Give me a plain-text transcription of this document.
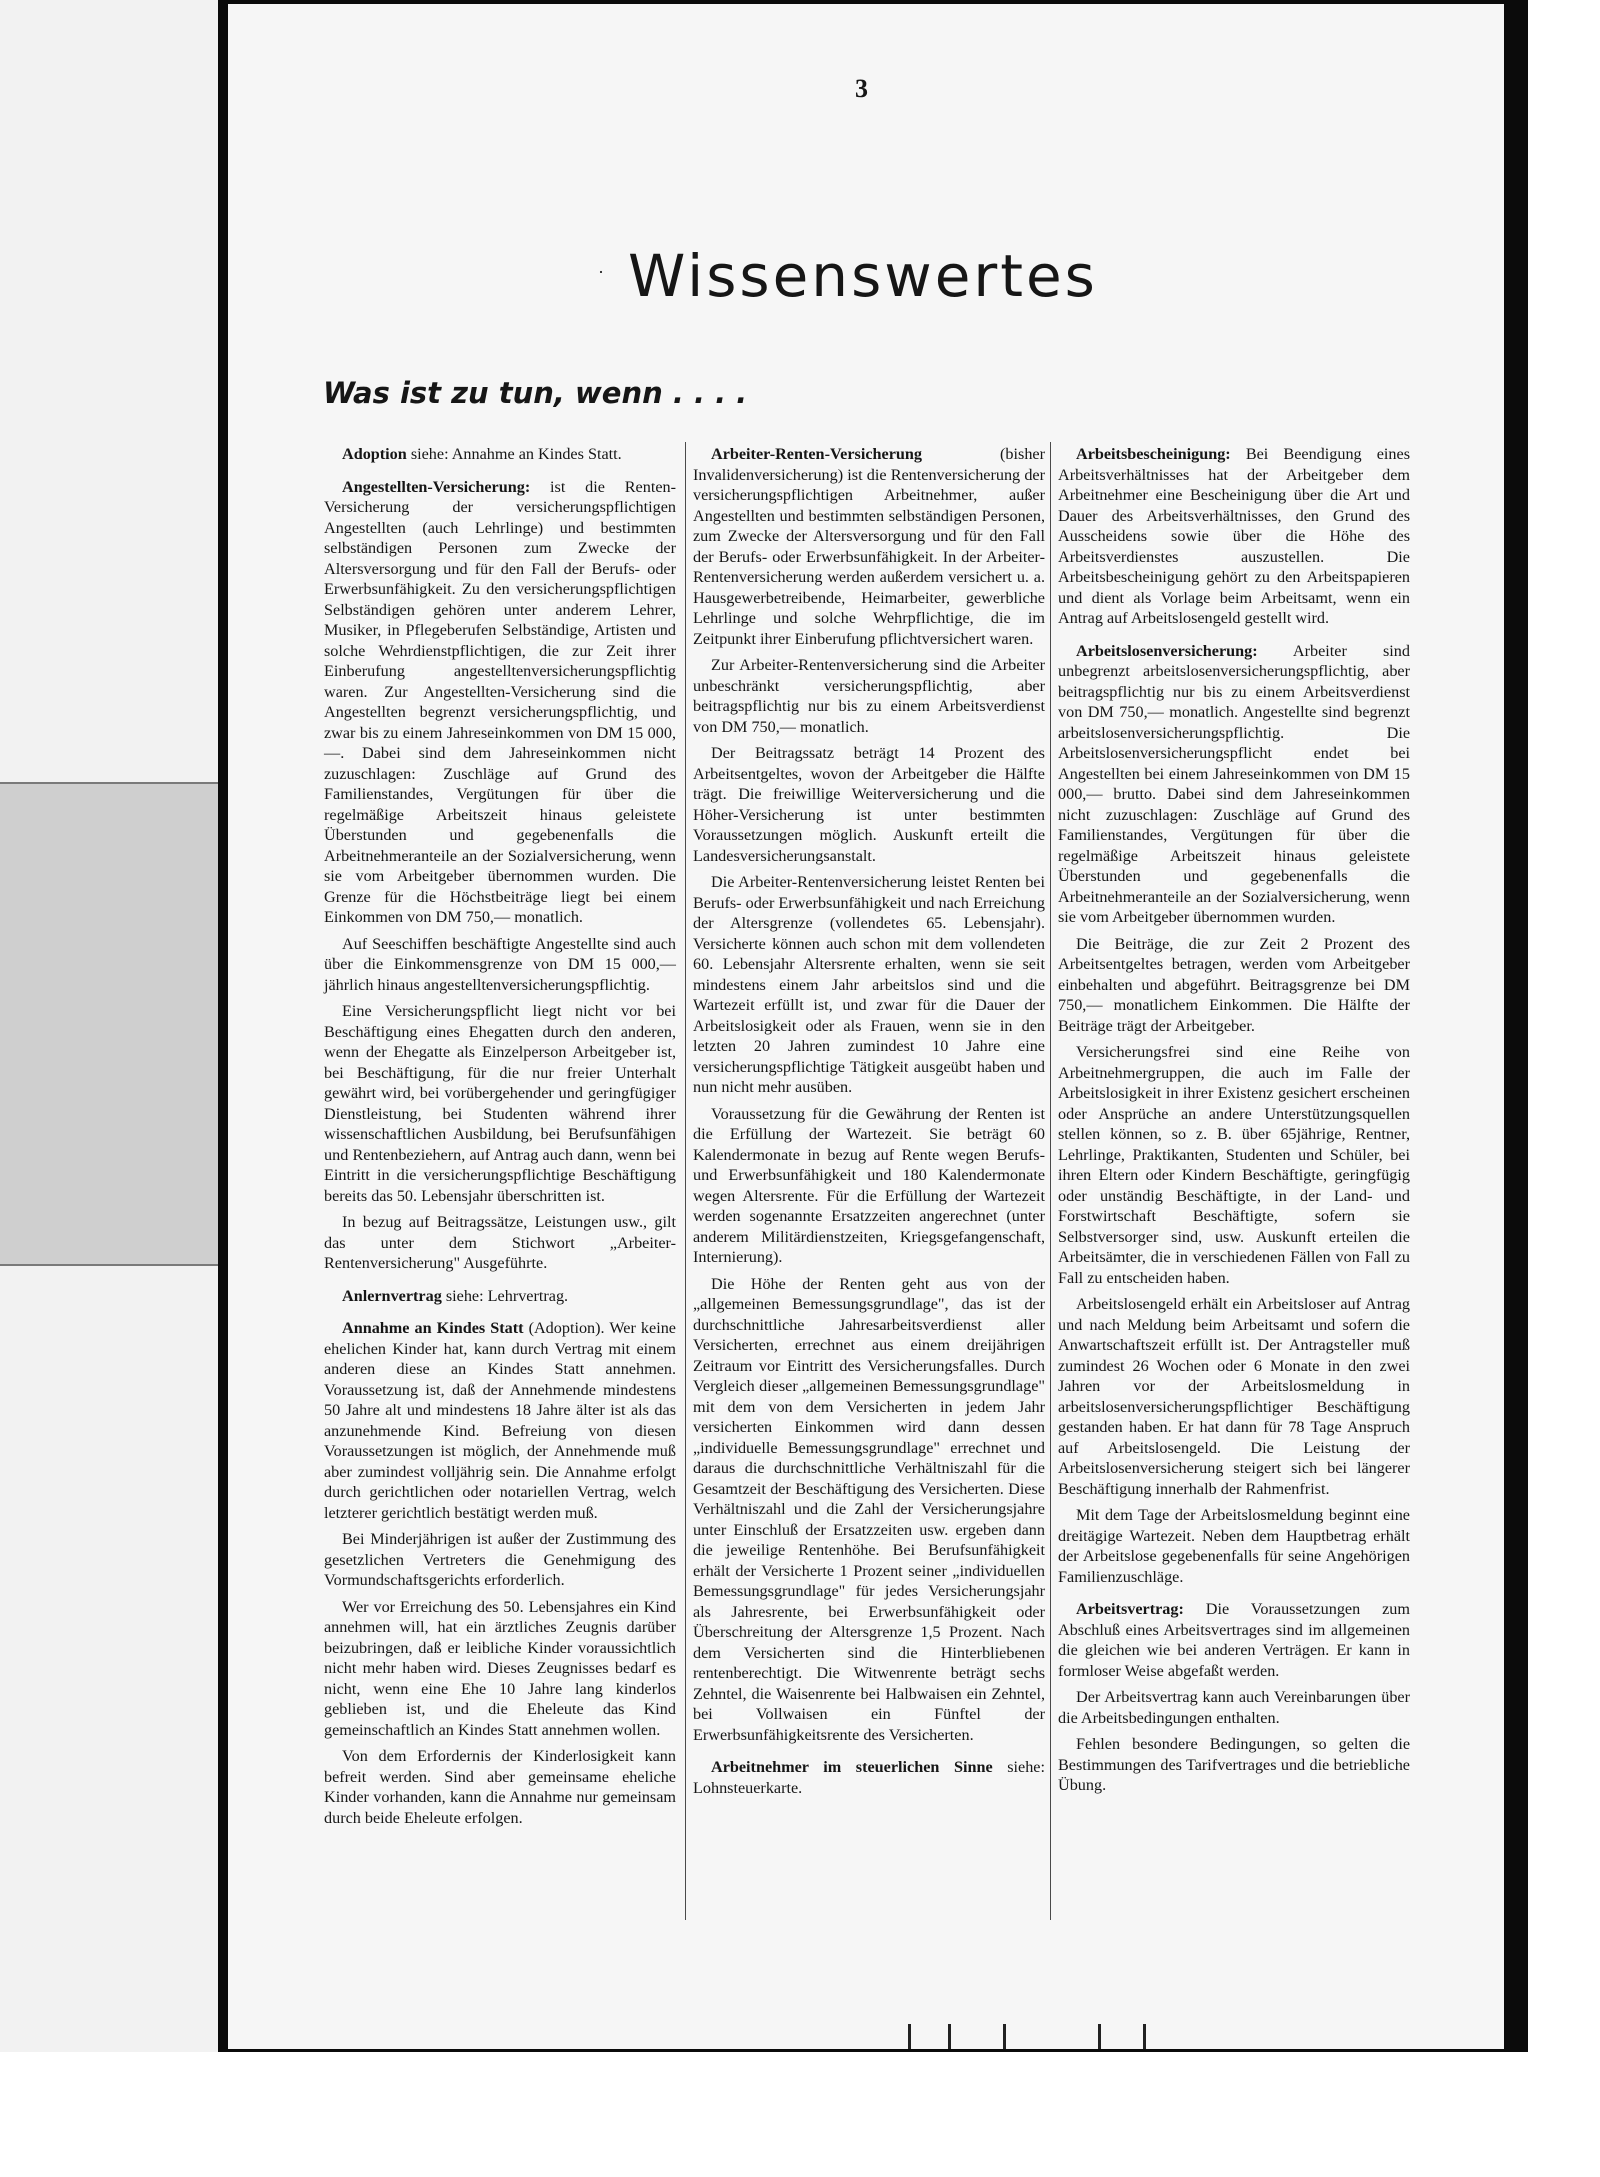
3
· Wissenswertes
Was ist zu tun, wenn . . . .

Adoption siehe: Annahme an Kindes Statt.

Angestellten-Versicherung: ist die Renten-Versicherung der versicherungspflichtigen Angestellten (auch Lehrlinge) und bestimmten selbständigen Personen zum Zwecke der Altersversorgung und für den Fall der Berufs- oder Erwerbsunfähigkeit. Zu den versicherungspflichtigen Selbständigen gehören unter anderem Lehrer, Musiker, in Pflegeberufen Selbständige, Artisten und solche Wehrdienstpflichtigen, die zur Zeit ihrer Einberufung angestelltenversicherungspflichtig waren. Zur Angestellten-Versicherung sind die Angestellten begrenzt versicherungspflichtig, und zwar bis zu einem Jahreseinkommen von DM 15 000,—. Dabei sind dem Jahreseinkommen nicht zuzuschlagen: Zuschläge auf Grund des Familienstandes, Vergütungen für über die regelmäßige Arbeitszeit hinaus geleistete Überstunden und gegebenenfalls die Arbeitnehmeranteile an der Sozialversicherung, wenn sie vom Arbeitgeber übernommen wurden. Die Grenze für die Höchstbeiträge liegt bei einem Einkommen von DM 750,— monatlich.

Auf Seeschiffen beschäftigte Angestellte sind auch über die Einkommensgrenze von DM 15 000,— jährlich hinaus angestelltenversicherungspflichtig.

Eine Versicherungspflicht liegt nicht vor bei Beschäftigung eines Ehegatten durch den anderen, wenn der Ehegatte als Einzelperson Arbeitgeber ist, bei Beschäftigung, für die nur freier Unterhalt gewährt wird, bei vorübergehender und geringfügiger Dienstleistung, bei Studenten während ihrer wissenschaftlichen Ausbildung, bei Berufsunfähigen und Rentenbeziehern, auf Antrag auch dann, wenn bei Eintritt in die versicherungspflichtige Beschäftigung bereits das 50. Lebensjahr überschritten ist.

In bezug auf Beitragssätze, Leistungen usw., gilt das unter dem Stichwort „Arbeiter-Rentenversicherung" Ausgeführte.

Anlernvertrag siehe: Lehrvertrag.

Annahme an Kindes Statt (Adoption). Wer keine ehelichen Kinder hat, kann durch Vertrag mit einem anderen diese an Kindes Statt annehmen. Voraussetzung ist, daß der Annehmende mindestens 50 Jahre alt und mindestens 18 Jahre älter ist als das anzunehmende Kind. Befreiung von diesen Voraussetzungen ist möglich, der Annehmende muß aber zumindest volljährig sein. Die Annahme erfolgt durch gerichtlichen oder notariellen Vertrag, welch letzterer gerichtlich bestätigt werden muß.

Bei Minderjährigen ist außer der Zustimmung des gesetzlichen Vertreters die Genehmigung des Vormundschaftsgerichts erforderlich.

Wer vor Erreichung des 50. Lebensjahres ein Kind annehmen will, hat ein ärztliches Zeugnis darüber beizubringen, daß er leibliche Kinder voraussichtlich nicht mehr haben wird. Dieses Zeugnisses bedarf es nicht, wenn eine Ehe 10 Jahre lang kinderlos geblieben ist, und die Eheleute das Kind gemeinschaftlich an Kindes Statt annehmen wollen.

Von dem Erfordernis der Kinderlosigkeit kann befreit werden. Sind aber gemeinsame eheliche Kinder vorhanden, kann die Annahme nur gemeinsam durch beide Eheleute erfolgen.

Arbeiter-Renten-Versicherung (bisher Invalidenversicherung) ist die Rentenversicherung der versicherungspflichtigen Arbeitnehmer, außer Angestellten und bestimmten selbständigen Personen, zum Zwecke der Altersversorgung und für den Fall der Berufs- oder Erwerbsunfähigkeit. In der Arbeiter-Rentenversicherung werden außerdem versichert u. a. Hausgewerbetreibende, Heimarbeiter, gewerbliche Lehrlinge und solche Wehrpflichtige, die im Zeitpunkt ihrer Einberufung pflichtversichert waren.

Zur Arbeiter-Rentenversicherung sind die Arbeiter unbeschränkt versicherungspflichtig, aber beitragspflichtig nur bis zu einem Arbeitsverdienst von DM 750,— monatlich.

Der Beitragssatz beträgt 14 Prozent des Arbeitsentgeltes, wovon der Arbeitgeber die Hälfte trägt. Die freiwillige Weiterversicherung und die Höher-Versicherung ist unter bestimmten Voraussetzungen möglich. Auskunft erteilt die Landesversicherungsanstalt.

Die Arbeiter-Rentenversicherung leistet Renten bei Berufs- oder Erwerbsunfähigkeit und nach Erreichung der Altersgrenze (vollendetes 65. Lebensjahr). Versicherte können auch schon mit dem vollendeten 60. Lebensjahr Altersrente erhalten, wenn sie seit mindestens einem Jahr arbeitslos sind und die Wartezeit erfüllt ist, und zwar für die Dauer der Arbeitslosigkeit oder als Frauen, wenn sie in den letzten 20 Jahren zumindest 10 Jahre eine versicherungspflichtige Tätigkeit ausgeübt haben und nun nicht mehr ausüben.

Voraussetzung für die Gewährung der Renten ist die Erfüllung der Wartezeit. Sie beträgt 60 Kalendermonate in bezug auf Rente wegen Berufs- und Erwerbsunfähigkeit und 180 Kalendermonate wegen Altersrente. Für die Erfüllung der Wartezeit werden sogenannte Ersatzzeiten angerechnet (unter anderem Militärdienstzeiten, Kriegsgefangenschaft, Internierung).

Die Höhe der Renten geht aus von der „allgemeinen Bemessungsgrundlage", das ist der durchschnittliche Jahresarbeitsverdienst aller Versicherten, errechnet aus einem dreijährigen Zeitraum vor Eintritt des Versicherungsfalles. Durch Vergleich dieser „allgemeinen Bemessungsgrundlage" mit dem von dem Versicherten in jedem Jahr versicherten Einkommen wird dann dessen „individuelle Bemessungsgrundlage" errechnet und daraus die durchschnittliche Verhältniszahl für die Gesamtzeit der Beschäftigung des Versicherten. Diese Verhältniszahl und die Zahl der Versicherungsjahre unter Einschluß der Ersatzzeiten usw. ergeben dann die jeweilige Rentenhöhe. Bei Berufsunfähigkeit erhält der Versicherte 1 Prozent seiner „individuellen Bemessungsgrundlage" für jedes Versicherungsjahr als Jahresrente, bei Erwerbsunfähigkeit oder Überschreitung der Altersgrenze 1,5 Prozent. Nach dem Versicherten sind die Hinterbliebenen rentenberechtigt. Die Witwenrente beträgt sechs Zehntel, die Waisenrente bei Halbwaisen ein Zehntel, bei Vollwaisen ein Fünftel der Erwerbsunfähigkeitsrente des Versicherten.

Arbeitnehmer im steuerlichen Sinne siehe: Lohnsteuerkarte.

Arbeitsbescheinigung: Bei Beendigung eines Arbeitsverhältnisses hat der Arbeitgeber dem Arbeitnehmer eine Bescheinigung über die Art und Dauer des Arbeitsverhältnisses, den Grund des Ausscheidens sowie über die Höhe des Arbeitsverdienstes auszustellen. Die Arbeitsbescheinigung gehört zu den Arbeitspapieren und dient als Vorlage beim Arbeitsamt, wenn ein Antrag auf Arbeitslosengeld gestellt wird.

Arbeitslosenversicherung: Arbeiter sind unbegrenzt arbeitslosenversicherungspflichtig, aber beitragspflichtig nur bis zu einem Arbeitsverdienst von DM 750,— monatlich. Angestellte sind begrenzt arbeitslosenversicherungspflichtig. Die Arbeitslosenversicherungspflicht endet bei Angestellten bei einem Jahreseinkommen von DM 15 000,— brutto. Dabei sind dem Jahreseinkommen nicht zuzuschlagen: Zuschläge auf Grund des Familienstandes, Vergütungen für über die regelmäßige Arbeitszeit hinaus geleistete Überstunden und gegebenenfalls die Arbeitnehmeranteile an der Sozialversicherung, wenn sie vom Arbeitgeber übernommen wurden.

Die Beiträge, die zur Zeit 2 Prozent des Arbeitsentgeltes betragen, werden vom Arbeitgeber einbehalten und abgeführt. Beitragsgrenze bei DM 750,— monatlichem Einkommen. Die Hälfte der Beiträge trägt der Arbeitgeber.

Versicherungsfrei sind eine Reihe von Arbeitnehmergruppen, die auch im Falle der Arbeitslosigkeit in ihrer Existenz gesichert erscheinen oder Ansprüche an andere Unterstützungsquellen stellen können, so z. B. über 65jährige, Rentner, Lehrlinge, Praktikanten, Studenten und Schüler, bei ihren Eltern oder Kindern Beschäftigte, geringfügig oder unständig Beschäftigte, in der Land- und Forstwirtschaft Beschäftigte, sofern sie Selbstversorger sind, usw. Auskunft erteilen die Arbeitsämter, die in verschiedenen Fällen von Fall zu Fall zu entscheiden haben.

Arbeitslosengeld erhält ein Arbeitsloser auf Antrag und nach Meldung beim Arbeitsamt und sofern die Anwartschaftszeit erfüllt ist. Der Antragsteller muß zumindest 26 Wochen oder 6 Monate in den zwei Jahren vor der Arbeitslosmeldung in arbeitslosenversicherungspflichtiger Beschäftigung gestanden haben. Er hat dann für 78 Tage Anspruch auf Arbeitslosengeld. Die Leistung der Arbeitslosenversicherung steigert sich bei längerer Beschäftigung innerhalb der Rahmenfrist.

Mit dem Tage der Arbeitslosmeldung beginnt eine dreitägige Wartezeit. Neben dem Hauptbetrag erhält der Arbeitslose gegebenenfalls für seine Angehörigen Familienzuschläge.

Arbeitsvertrag: Die Voraussetzungen zum Abschluß eines Arbeitsvertrages sind im allgemeinen die gleichen wie bei anderen Verträgen. Er kann in formloser Weise abgefaßt werden.

Der Arbeitsvertrag kann auch Vereinbarungen über die Arbeitsbedingungen enthalten.

Fehlen besondere Bedingungen, so gelten die Bestimmungen des Tarifvertrages und die betriebliche Übung.
